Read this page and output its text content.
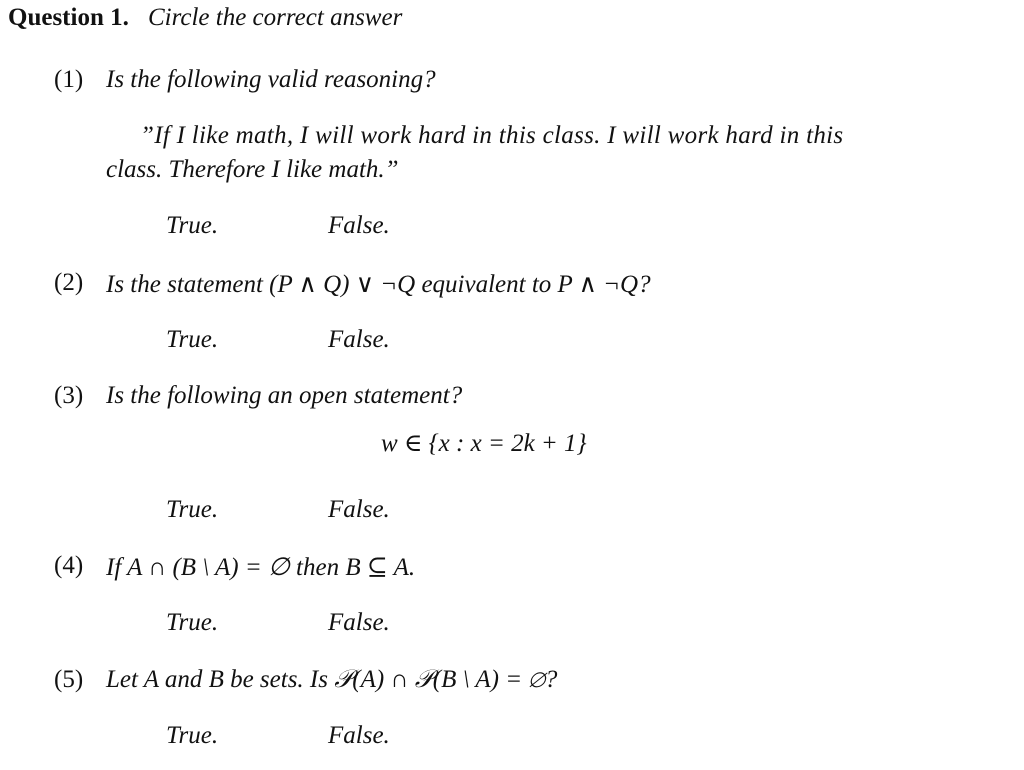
Question 1. Circle the correct answer
(1) Is the following valid reasoning?
”If I like math, I will work hard in this class. I will work hard in this
class. Therefore I like math.”
True.	False.
(2) Is the statement (P ∧ Q) ∨ ¬Q equivalent to P ∧ ¬Q?
True.	False.
(3) Is the following an open statement?
w ∈ {x : x = 2k + 1}
True.	False.
(4) If A ∩ (B \ A) = ∅ then B ⊆ A.
True.	False.
(5) Let A and B be sets. Is 𝒫(A) ∩ 𝒫(B \ A) = ∅?
True.	False.
